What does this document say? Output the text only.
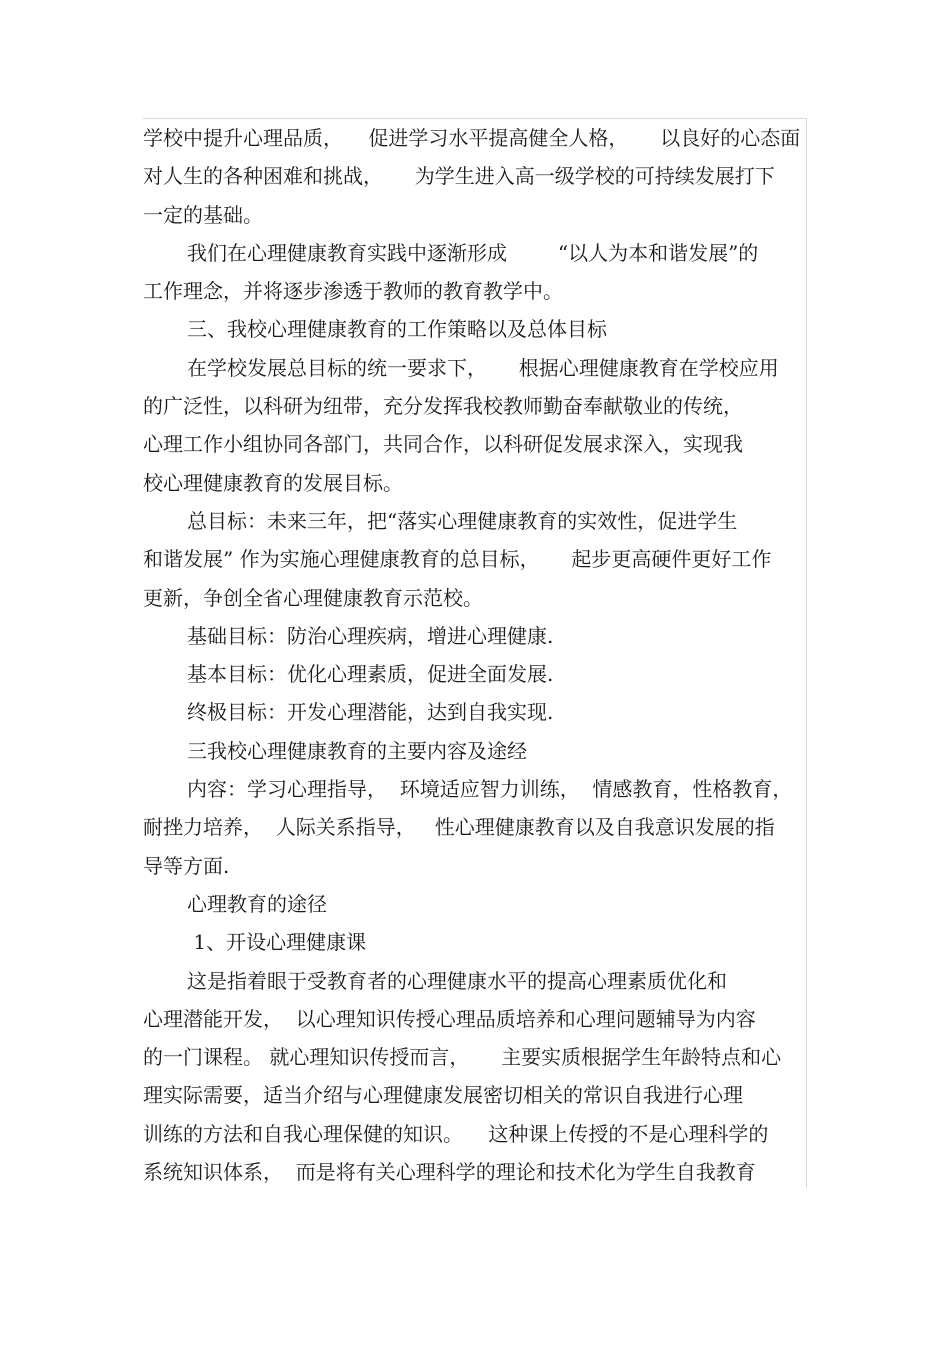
学校中提升心理品质，    促进学习水平提高健全人格，     以良好的心态面
对人生的各种困难和挑战，     为学生进入高一级学校的可持续发展打下
一定的基础。
我们在心理健康教育实践中逐渐形成        “以人为本和谐发展”的
工作理念，并将逐步渗透于教师的教育教学中。
三、我校心理健康教育的工作策略以及总体目标
在学校发展总目标的统一要求下，     根据心理健康教育在学校应用
的广泛性，以科研为纽带，充分发挥我校教师勤奋奉献敬业的传统，
心理工作小组协同各部门，共同合作，以科研促发展求深入，实现我
校心理健康教育的发展目标。
总目标：未来三年，把“落实心理健康教育的实效性，促进学生
和谐发展” 作为实施心理健康教育的总目标，     起步更高硬件更好工作
更新，争创全省心理健康教育示范校。
基础目标：防治心理疾病，增进心理健康.
基本目标：优化心理素质，促进全面发展.
终极目标：开发心理潜能，达到自我实现.
三我校心理健康教育的主要内容及途经
内容：学习心理指导，  环境适应智力训练，  情感教育，性格教育，
耐挫力培养，  人际关系指导，   性心理健康教育以及自我意识发展的指
导等方面.
心理教育的途径
1、开设心理健康课
这是指着眼于受教育者的心理健康水平的提高心理素质优化和
心理潜能开发，  以心理知识传授心理品质培养和心理问题辅导为内容
的一门课程。 就心理知识传授而言，     主要实质根据学生年龄特点和心
理实际需要，适当介绍与心理健康发展密切相关的常识自我进行心理
训练的方法和自我心理保健的知识。    这种课上传授的不是心理科学的
系统知识体系，  而是将有关心理科学的理论和技术化为学生自我教育
